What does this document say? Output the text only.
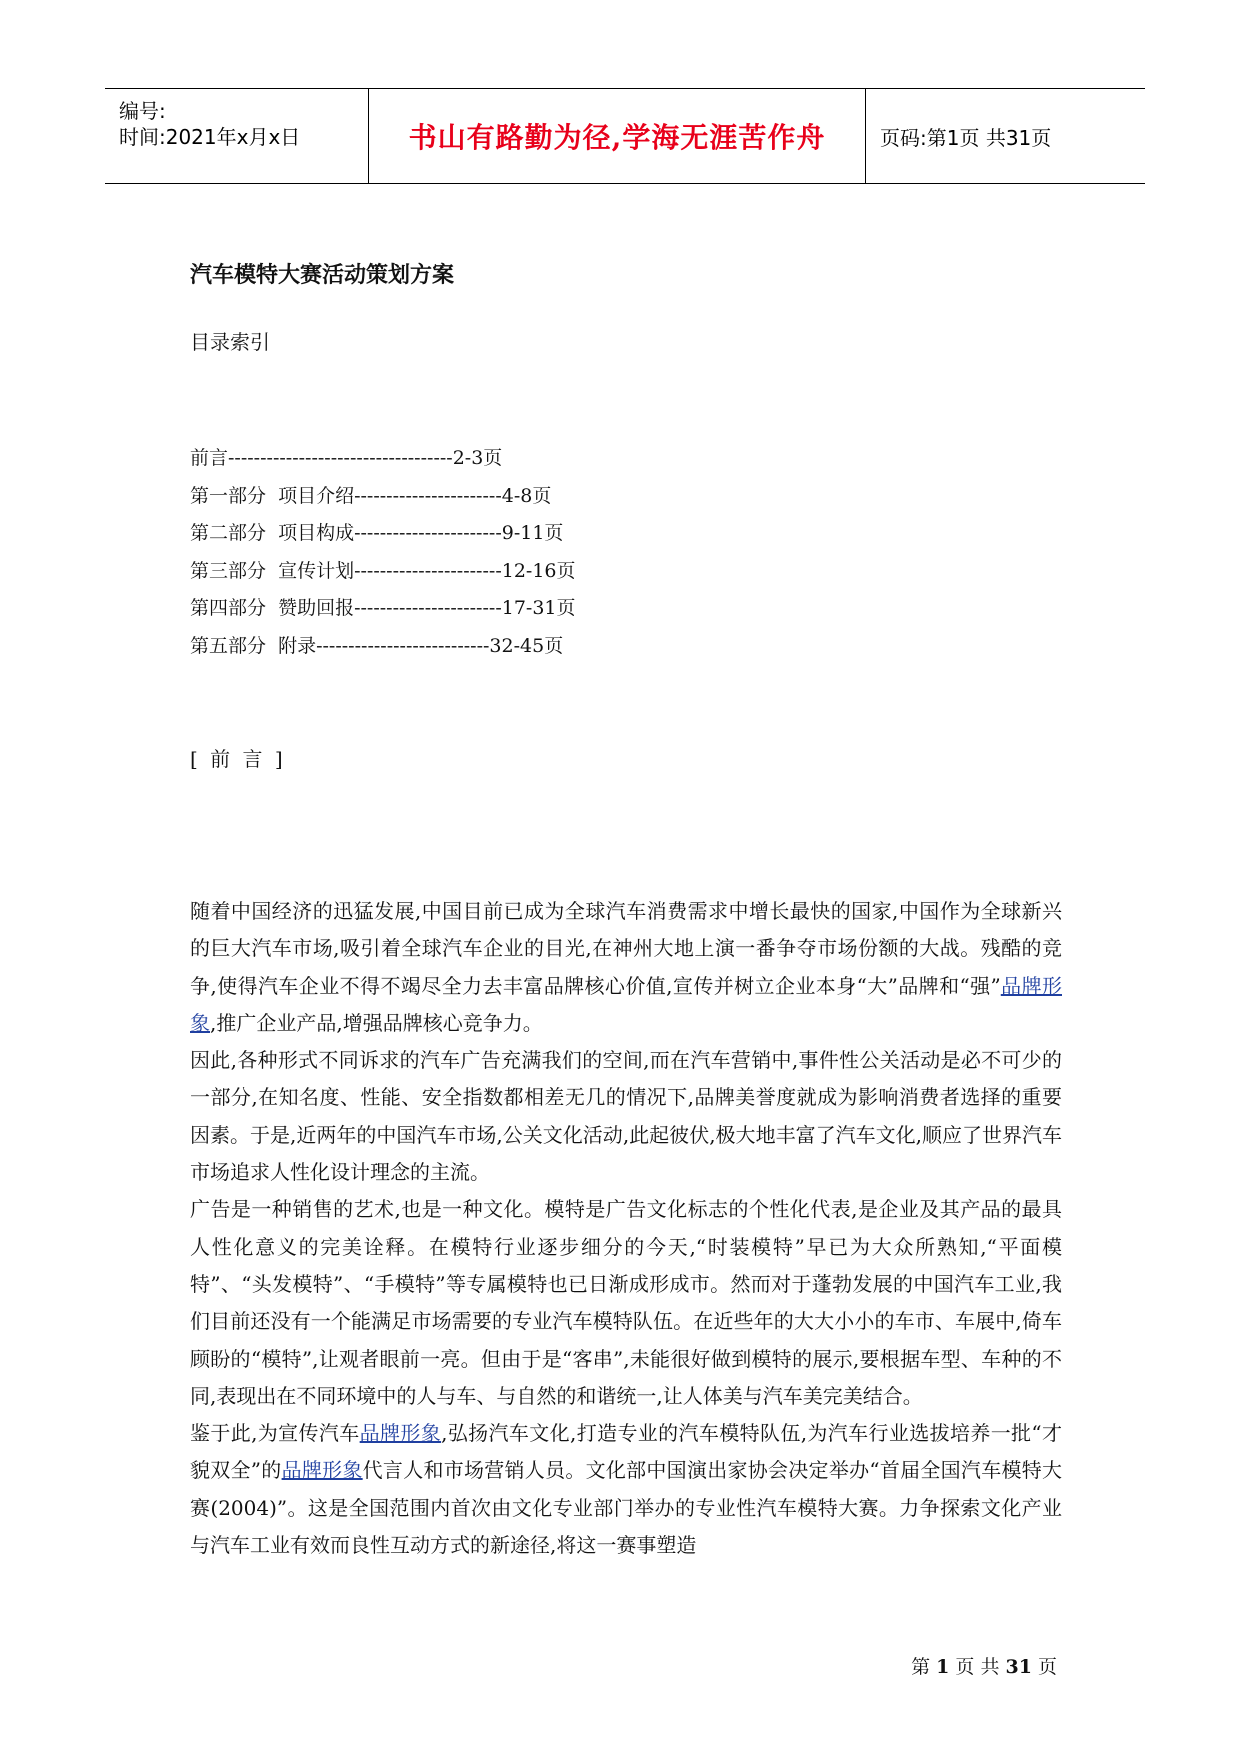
编号:
时间:2021年x月x日	书山有路勤为径,学海无涯苦作舟	页码:第1页 共31页
汽车模特大赛活动策划方案
目录索引
前言-----------------------------------2-3页
第一部分  项目介绍-----------------------4-8页
第二部分  项目构成-----------------------9-11页
第三部分  宣传计划-----------------------12-16页
第四部分  赞助回报-----------------------17-31页
第五部分  附录---------------------------32-45页
[ 前 言 ]

随着中国经济的迅猛发展,中国目前已成为全球汽车消费需求中增长最快的国家,中国作为全球新兴的巨大汽车市场,吸引着全球汽车企业的目光,在神州大地上演一番争夺市场份额的大战。残酷的竞争,使得汽车企业不得不竭尽全力去丰富品牌核心价值,宣传并树立企业本身“大”品牌和“强”品牌形象,推广企业产品,增强品牌核心竞争力。

因此,各种形式不同诉求的汽车广告充满我们的空间,而在汽车营销中,事件性公关活动是必不可少的一部分,在知名度、性能、安全指数都相差无几的情况下,品牌美誉度就成为影响消费者选择的重要因素。于是,近两年的中国汽车市场,公关文化活动,此起彼伏,极大地丰富了汽车文化,顺应了世界汽车市场追求人性化设计理念的主流。

广告是一种销售的艺术,也是一种文化。模特是广告文化标志的个性化代表,是企业及其产品的最具人性化意义的完美诠释。在模特行业逐步细分的今天,“时装模特”早已为大众所熟知,“平面模特”、“头发模特”、“手模特”等专属模特也已日渐成形成市。然而对于蓬勃发展的中国汽车工业,我们目前还没有一个能满足市场需要的专业汽车模特队伍。在近些年的大大小小的车市、车展中,倚车顾盼的“模特”,让观者眼前一亮。但由于是“客串”,未能很好做到模特的展示,要根据车型、车种的不同,表现出在不同环境中的人与车、与自然的和谐统一,让人体美与汽车美完美结合。

鉴于此,为宣传汽车品牌形象,弘扬汽车文化,打造专业的汽车模特队伍,为汽车行业选拔培养一批“才貌双全”的品牌形象代言人和市场营销人员。文化部中国演出家协会决定举办“首届全国汽车模特大赛(2004)”。这是全国范围内首次由文化专业部门举办的专业性汽车模特大赛。力争探索文化产业与汽车工业有效而良性互动方式的新途径,将这一赛事塑造

第 1 页 共 31 页
